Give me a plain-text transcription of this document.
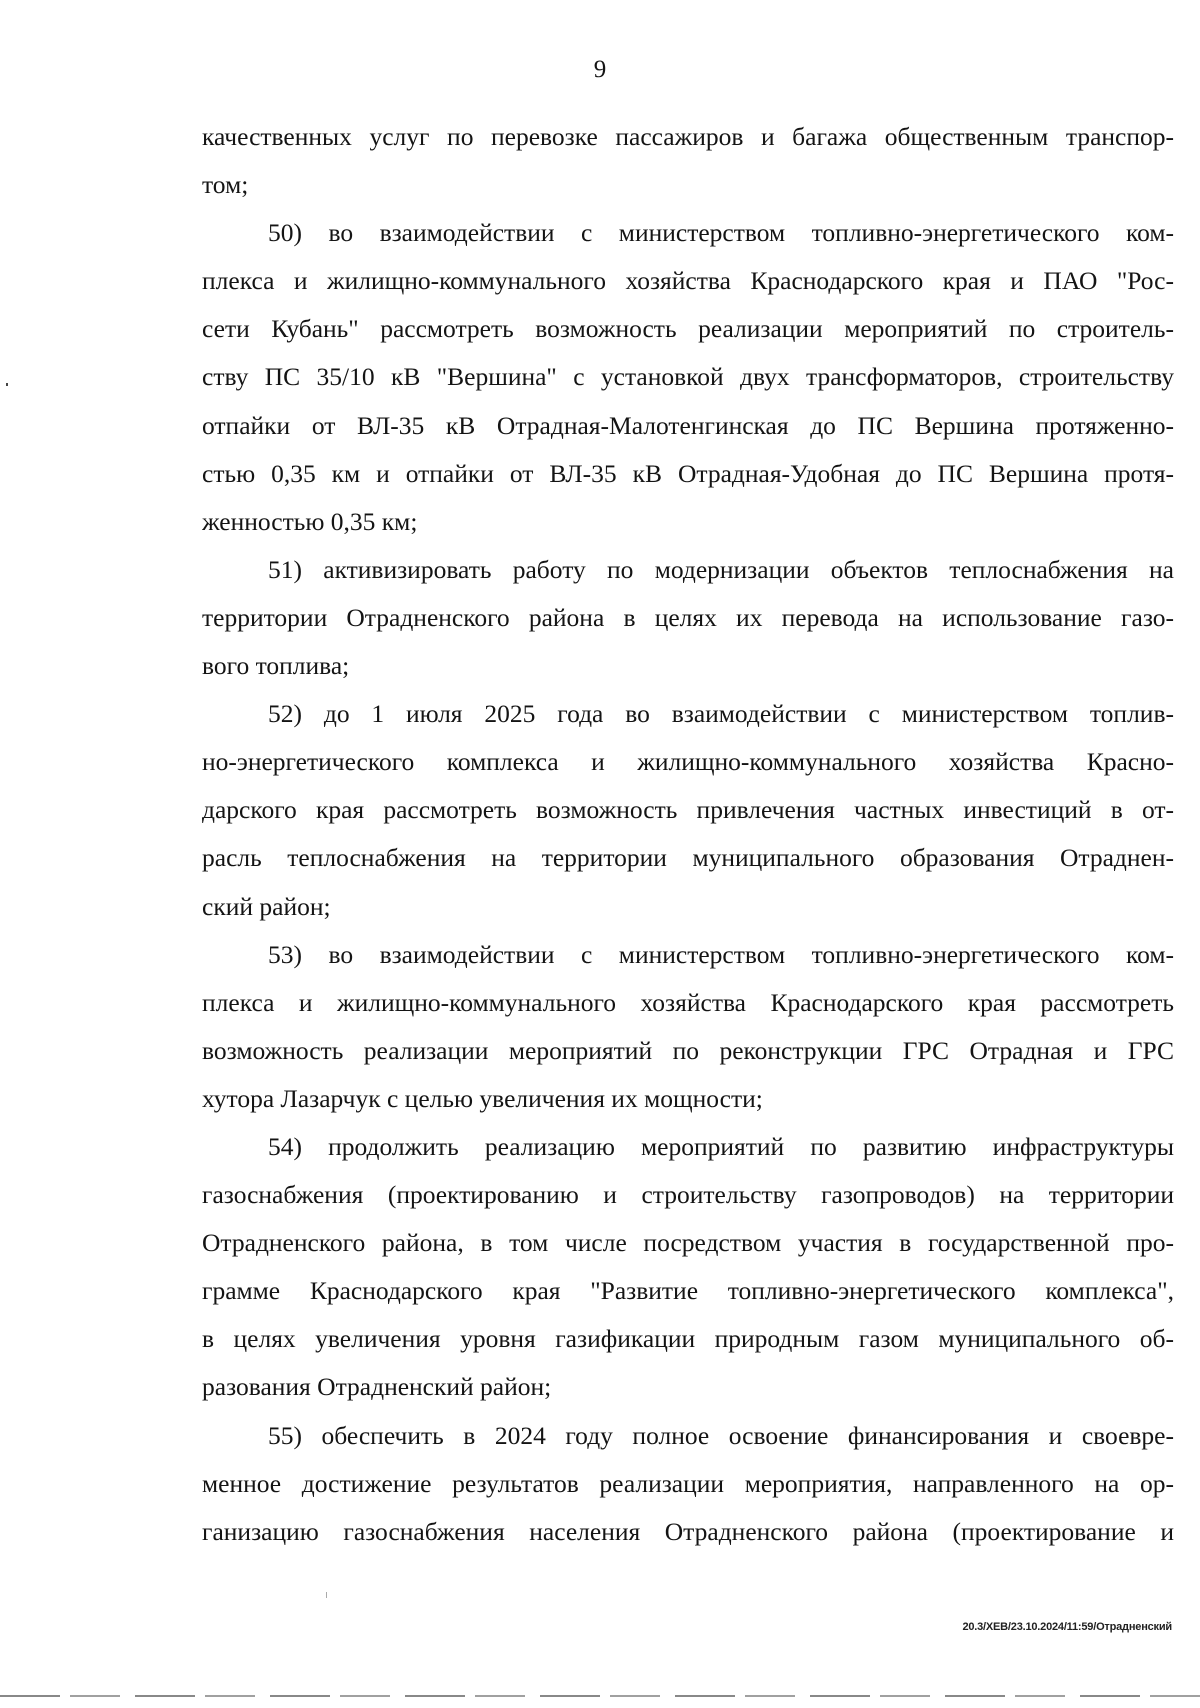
9
качественных услуг по перевозке пассажиров и багажа общественным транспор-
том;
50) во взаимодействии с министерством топливно-энергетического ком-
плекса и жилищно-коммунального хозяйства Краснодарского края и ПАО "Рос-
сети Кубань" рассмотреть возможность реализации мероприятий по строитель-
ству ПС 35/10 кВ "Вершина" с установкой двух трансформаторов, строительству
отпайки от ВЛ-35 кВ Отрадная-Малотенгинская до ПС Вершина протяженно-
стью 0,35 км и отпайки от ВЛ-35 кВ Отрадная-Удобная до ПС Вершина протя-
женностью 0,35 км;
51) активизировать работу по модернизации объектов теплоснабжения на
территории Отрадненского района в целях их перевода на использование газо-
вого топлива;
52) до 1 июля 2025 года во взаимодействии с министерством топлив-
но-энергетического комплекса и жилищно-коммунального хозяйства Красно-
дарского края рассмотреть возможность привлечения частных инвестиций в от-
расль теплоснабжения на территории муниципального образования Отраднен-
ский район;
53) во взаимодействии с министерством топливно-энергетического ком-
плекса и жилищно-коммунального хозяйства Краснодарского края рассмотреть
возможность реализации мероприятий по реконструкции ГРС Отрадная и ГРС
хутора Лазарчук с целью увеличения их мощности;
54) продолжить реализацию мероприятий по развитию инфраструктуры
газоснабжения (проектированию и строительству газопроводов) на территории
Отрадненского района, в том числе посредством участия в государственной про-
грамме Краснодарского края "Развитие топливно-энергетического комплекса",
в целях увеличения уровня газификации природным газом муниципального об-
разования Отрадненский район;
55) обеспечить в 2024 году полное освоение финансирования и своевре-
менное достижение результатов реализации мероприятия, направленного на ор-
ганизацию газоснабжения населения Отрадненского района (проектирование и
20.3/ХЕВ/23.10.2024/11:59/Отрадненский
